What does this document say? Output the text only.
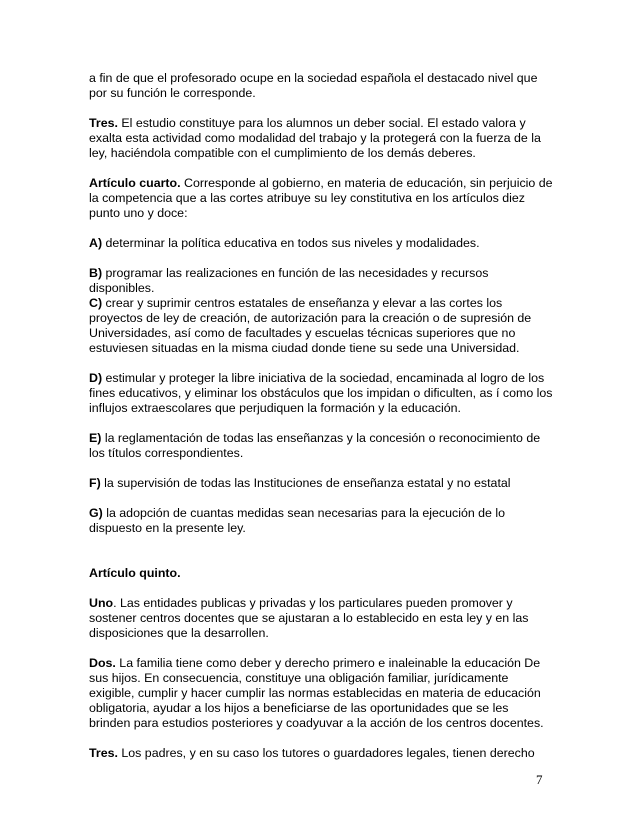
a fin de que el profesorado ocupe en la sociedad española el destacado nivel que por su función le corresponde.

Tres. El estudio constituye para los alumnos un deber social. El estado valora y exalta esta actividad como modalidad del trabajo y la protegerá con la fuerza de la ley, haciéndola compatible con el cumplimiento de los demás deberes.

Artículo cuarto. Corresponde al gobierno, en materia de educación, sin perjuicio de la competencia que a las cortes atribuye su ley constitutiva en los artículos diez punto uno y doce:

A) determinar la política educativa en todos sus niveles y modalidades.

B) programar las realizaciones en función de las necesidades y recursos disponibles.

C) crear y suprimir centros estatales de enseñanza y elevar a las cortes los proyectos de ley de creación, de autorización para la creación o de supresión de Universidades, así como de facultades y escuelas técnicas superiores que no estuviesen situadas en la misma ciudad donde tiene su sede una Universidad.

D) estimular y proteger la libre iniciativa de la sociedad, encaminada al logro de los fines educativos, y eliminar los obstáculos que los impidan o dificulten, as í como los influjos extraescolares que perjudiquen la formación y la educación.

E) la reglamentación de todas las enseñanzas y la concesión o reconocimiento de los títulos correspondientes.

F) la supervisión de todas las Instituciones de enseñanza estatal y no estatal

G) la adopción de cuantas medidas sean necesarias para la ejecución de lo dispuesto en la presente ley.

Artículo quinto.

Uno. Las entidades publicas y privadas y los particulares pueden promover y sostener centros docentes que se ajustaran a lo establecido en esta ley y en las disposiciones que la desarrollen.

Dos. La familia tiene como deber y derecho primero e inaleinable la educación De sus hijos. En consecuencia, constituye una obligación familiar, jurídicamente exigible, cumplir y hacer cumplir las normas establecidas en materia de educación obligatoria, ayudar a los hijos a beneficiarse de las oportunidades que se les brinden para estudios posteriores y coadyuvar a la acción de los centros docentes.

Tres. Los padres, y en su caso los tutores o guardadores legales, tienen derecho

7
